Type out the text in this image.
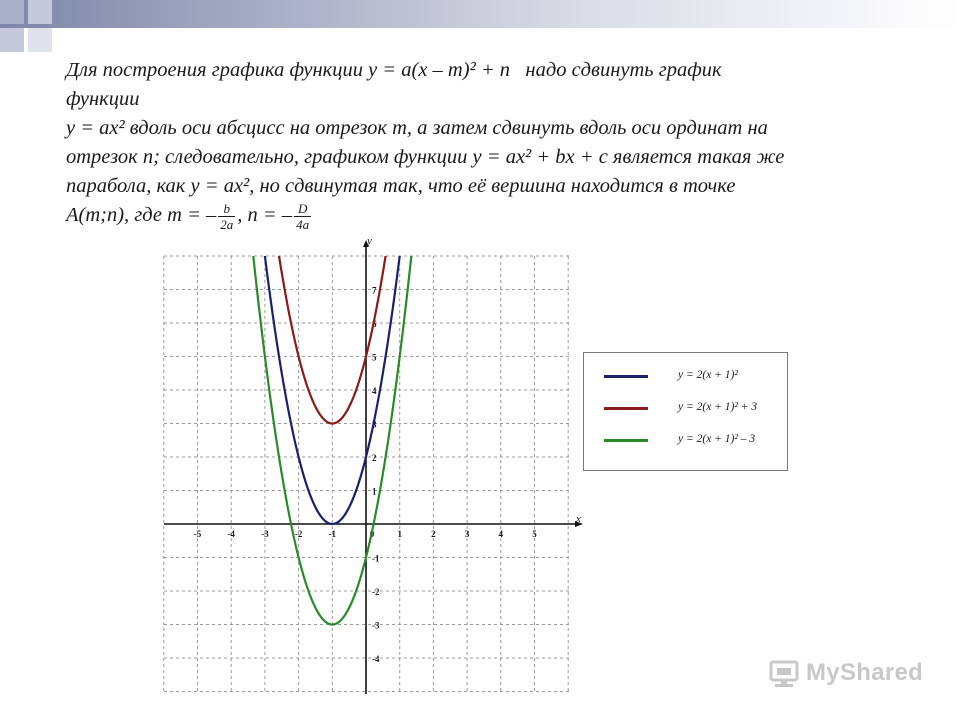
Для построения графика функции y = a(x – m)² + n надо сдвинуть график

функции

y = ax² вдоль оси абсцисс на отрезок m, а затем сдвинуть вдоль оси ординат на

отрезок n; следовательно, графиком функции y = ax² + bx + c является такая же

парабола, как y = ax², но сдвинутая так, что её вершина находится в точке

A(m;n), где m = – $\frac{b}{2a}$ , n = – $\frac{D}{4a}$

x
y
-5	-4	-3	-2	-1	0	1	2	3	4	5
7
6
5
4
3
2
1
-1
-2
-3
-4
y = 2(x + 1)²
y = 2(x + 1)² + 3
y = 2(x + 1)² – 3
MyShared
